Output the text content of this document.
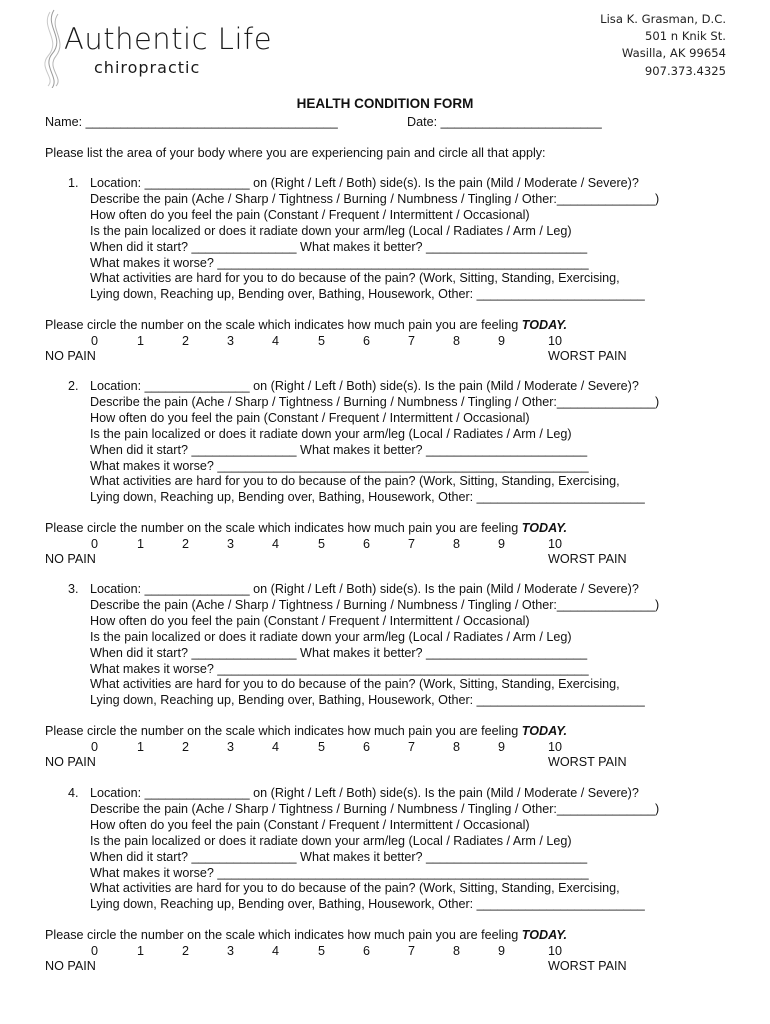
Authentic Life
chiropractic
Lisa K. Grasman, D.C.
501 n Knik St.
Wasilla, AK 99654
907.373.4325
HEALTH CONDITION FORM
Name: ____________________________________	Date: _______________________
Please list the area of your body where you are experiencing pain and circle all that apply:
1. Location: _______________ on (Right / Left / Both) side(s). Is the pain (Mild / Moderate / Severe)?
Describe the pain (Ache / Sharp / Tightness / Burning / Numbness / Tingling / Other:______________)
How often do you feel the pain (Constant / Frequent / Intermittent / Occasional)
Is the pain localized or does it radiate down your arm/leg (Local / Radiates / Arm / Leg)
When did it start? _______________ What makes it better? _______________________
What makes it worse? _____________________________________________________
What activities are hard for you to do because of the pain? (Work, Sitting, Standing, Exercising,
Lying down, Reaching up, Bending over, Bathing, Housework, Other: ________________________
Please circle the number on the scale which indicates how much pain you are feeling TODAY.
0	1	2	3	4	5	6	7	8	9	10
NO PAIN	WORST PAIN
2. Location: _______________ on (Right / Left / Both) side(s). Is the pain (Mild / Moderate / Severe)?
Describe the pain (Ache / Sharp / Tightness / Burning / Numbness / Tingling / Other:______________)
How often do you feel the pain (Constant / Frequent / Intermittent / Occasional)
Is the pain localized or does it radiate down your arm/leg (Local / Radiates / Arm / Leg)
When did it start? _______________ What makes it better? _______________________
What makes it worse? _____________________________________________________
What activities are hard for you to do because of the pain? (Work, Sitting, Standing, Exercising,
Lying down, Reaching up, Bending over, Bathing, Housework, Other: ________________________
Please circle the number on the scale which indicates how much pain you are feeling TODAY.
0	1	2	3	4	5	6	7	8	9	10
NO PAIN	WORST PAIN
3. Location: _______________ on (Right / Left / Both) side(s). Is the pain (Mild / Moderate / Severe)?
Describe the pain (Ache / Sharp / Tightness / Burning / Numbness / Tingling / Other:______________)
How often do you feel the pain (Constant / Frequent / Intermittent / Occasional)
Is the pain localized or does it radiate down your arm/leg (Local / Radiates / Arm / Leg)
When did it start? _______________ What makes it better? _______________________
What makes it worse? _____________________________________________________
What activities are hard for you to do because of the pain? (Work, Sitting, Standing, Exercising,
Lying down, Reaching up, Bending over, Bathing, Housework, Other: ________________________
Please circle the number on the scale which indicates how much pain you are feeling TODAY.
0	1	2	3	4	5	6	7	8	9	10
NO PAIN	WORST PAIN
4. Location: _______________ on (Right / Left / Both) side(s). Is the pain (Mild / Moderate / Severe)?
Describe the pain (Ache / Sharp / Tightness / Burning / Numbness / Tingling / Other:______________)
How often do you feel the pain (Constant / Frequent / Intermittent / Occasional)
Is the pain localized or does it radiate down your arm/leg (Local / Radiates / Arm / Leg)
When did it start? _______________ What makes it better? _______________________
What makes it worse? _____________________________________________________
What activities are hard for you to do because of the pain? (Work, Sitting, Standing, Exercising,
Lying down, Reaching up, Bending over, Bathing, Housework, Other: ________________________
Please circle the number on the scale which indicates how much pain you are feeling TODAY.
0	1	2	3	4	5	6	7	8	9	10
NO PAIN	WORST PAIN
